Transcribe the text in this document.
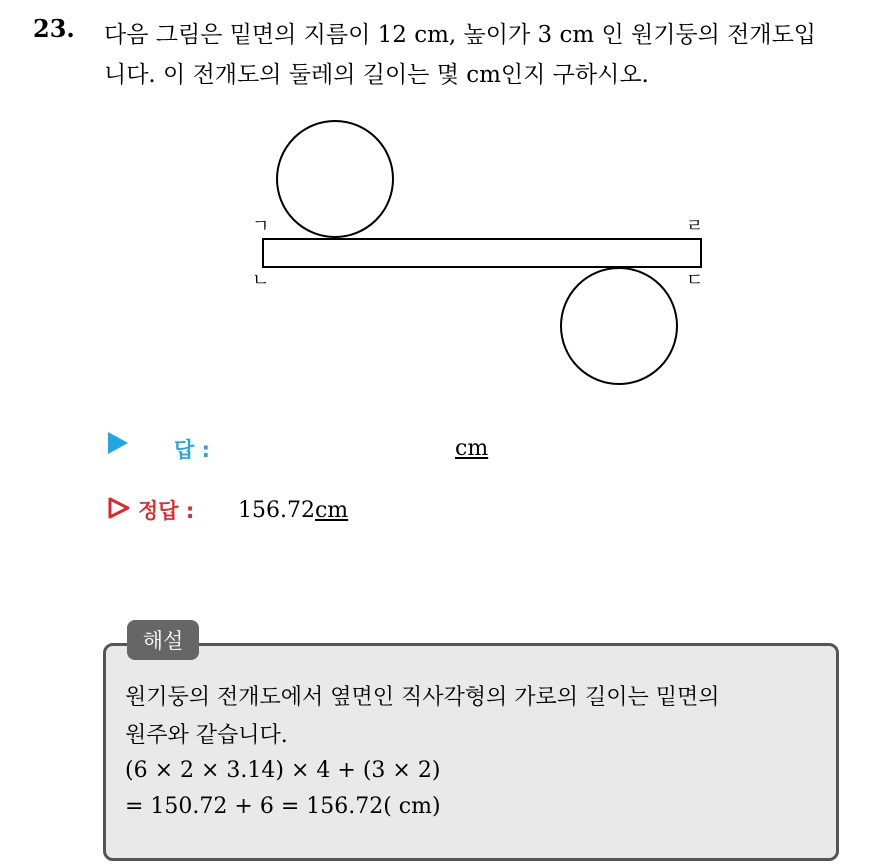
23. 다음 그림은 밑면의 지름이 12 cm, 높이가 3 cm 인 원기둥의 전개도입
니다. 이 전개도의 둘레의 길이는 몇 cm인지 구하시오.
ㄱ
ㄴ	ㄷ
ㄹ
답 :	cm
정답 : 156.72cm
해설
원기둥의 전개도에서 옆면인 직사각형의 가로의 길이는 밑면의
원주와 같습니다.
(6 × 2 × 3.14) × 4 + (3 × 2)
= 150.72 + 6 = 156.72( cm)
